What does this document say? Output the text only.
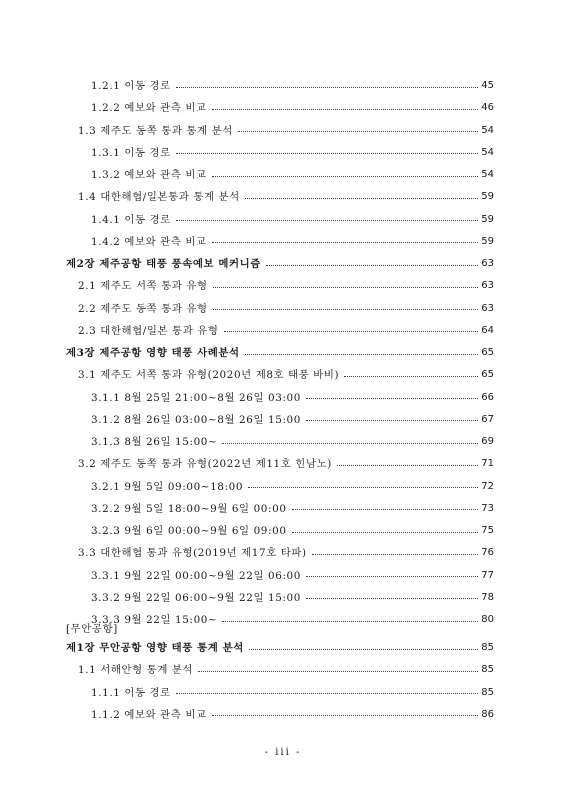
1.2.1 이동 경로	45
1.2.2 예보와 관측 비교	46
1.3 제주도 동쪽 통과 통계 분석	54
1.3.1 이동 경로	54
1.3.2 예보와 관측 비교	54
1.4 대한해협/일본통과 통계 분석	59
1.4.1 이동 경로	59
1.4.2 예보와 관측 비교	59
제2장 제주공항 태풍 풍속예보 메커니즘	63
2.1 제주도 서쪽 통과 유형	63
2.2 제주도 동쪽 통과 유형	63
2.3 대한해협/일본 통과 유형	64
제3장 제주공항 영향 태풍 사례분석	65
3.1 제주도 서쪽 통과 유형(2020년 제8호 태풍 바비)	65
3.1.1 8월 25일 21:00~8월 26일 03:00	66
3.1.2 8월 26일 03:00~8월 26일 15:00	67
3.1.3 8월 26일 15:00~	69
3.2 제주도 동쪽 통과 유형(2022년 제11호 힌남노)	71
3.2.1 9월 5일 09:00~18:00	72
3.2.2 9월 5일 18:00~9월 6일 00:00	73
3.2.3 9월 6일 00:00~9월 6일 09:00	75
3.3 대한해협 통과 유형(2019년 제17호 타파)	76
3.3.1 9월 22일 00:00~9월 22일 06:00	77
3.3.2 9월 22일 06:00~9월 22일 15:00	78
3.3.3 9월 22일 15:00~	80
제1장 무안공항 영향 태풍 통계 분석	85
1.1 서해안형 통계 분석	85
1.1.1 이동 경로	85
1.1.2 예보와 관측 비교	86
[무안공항]
- iii -
